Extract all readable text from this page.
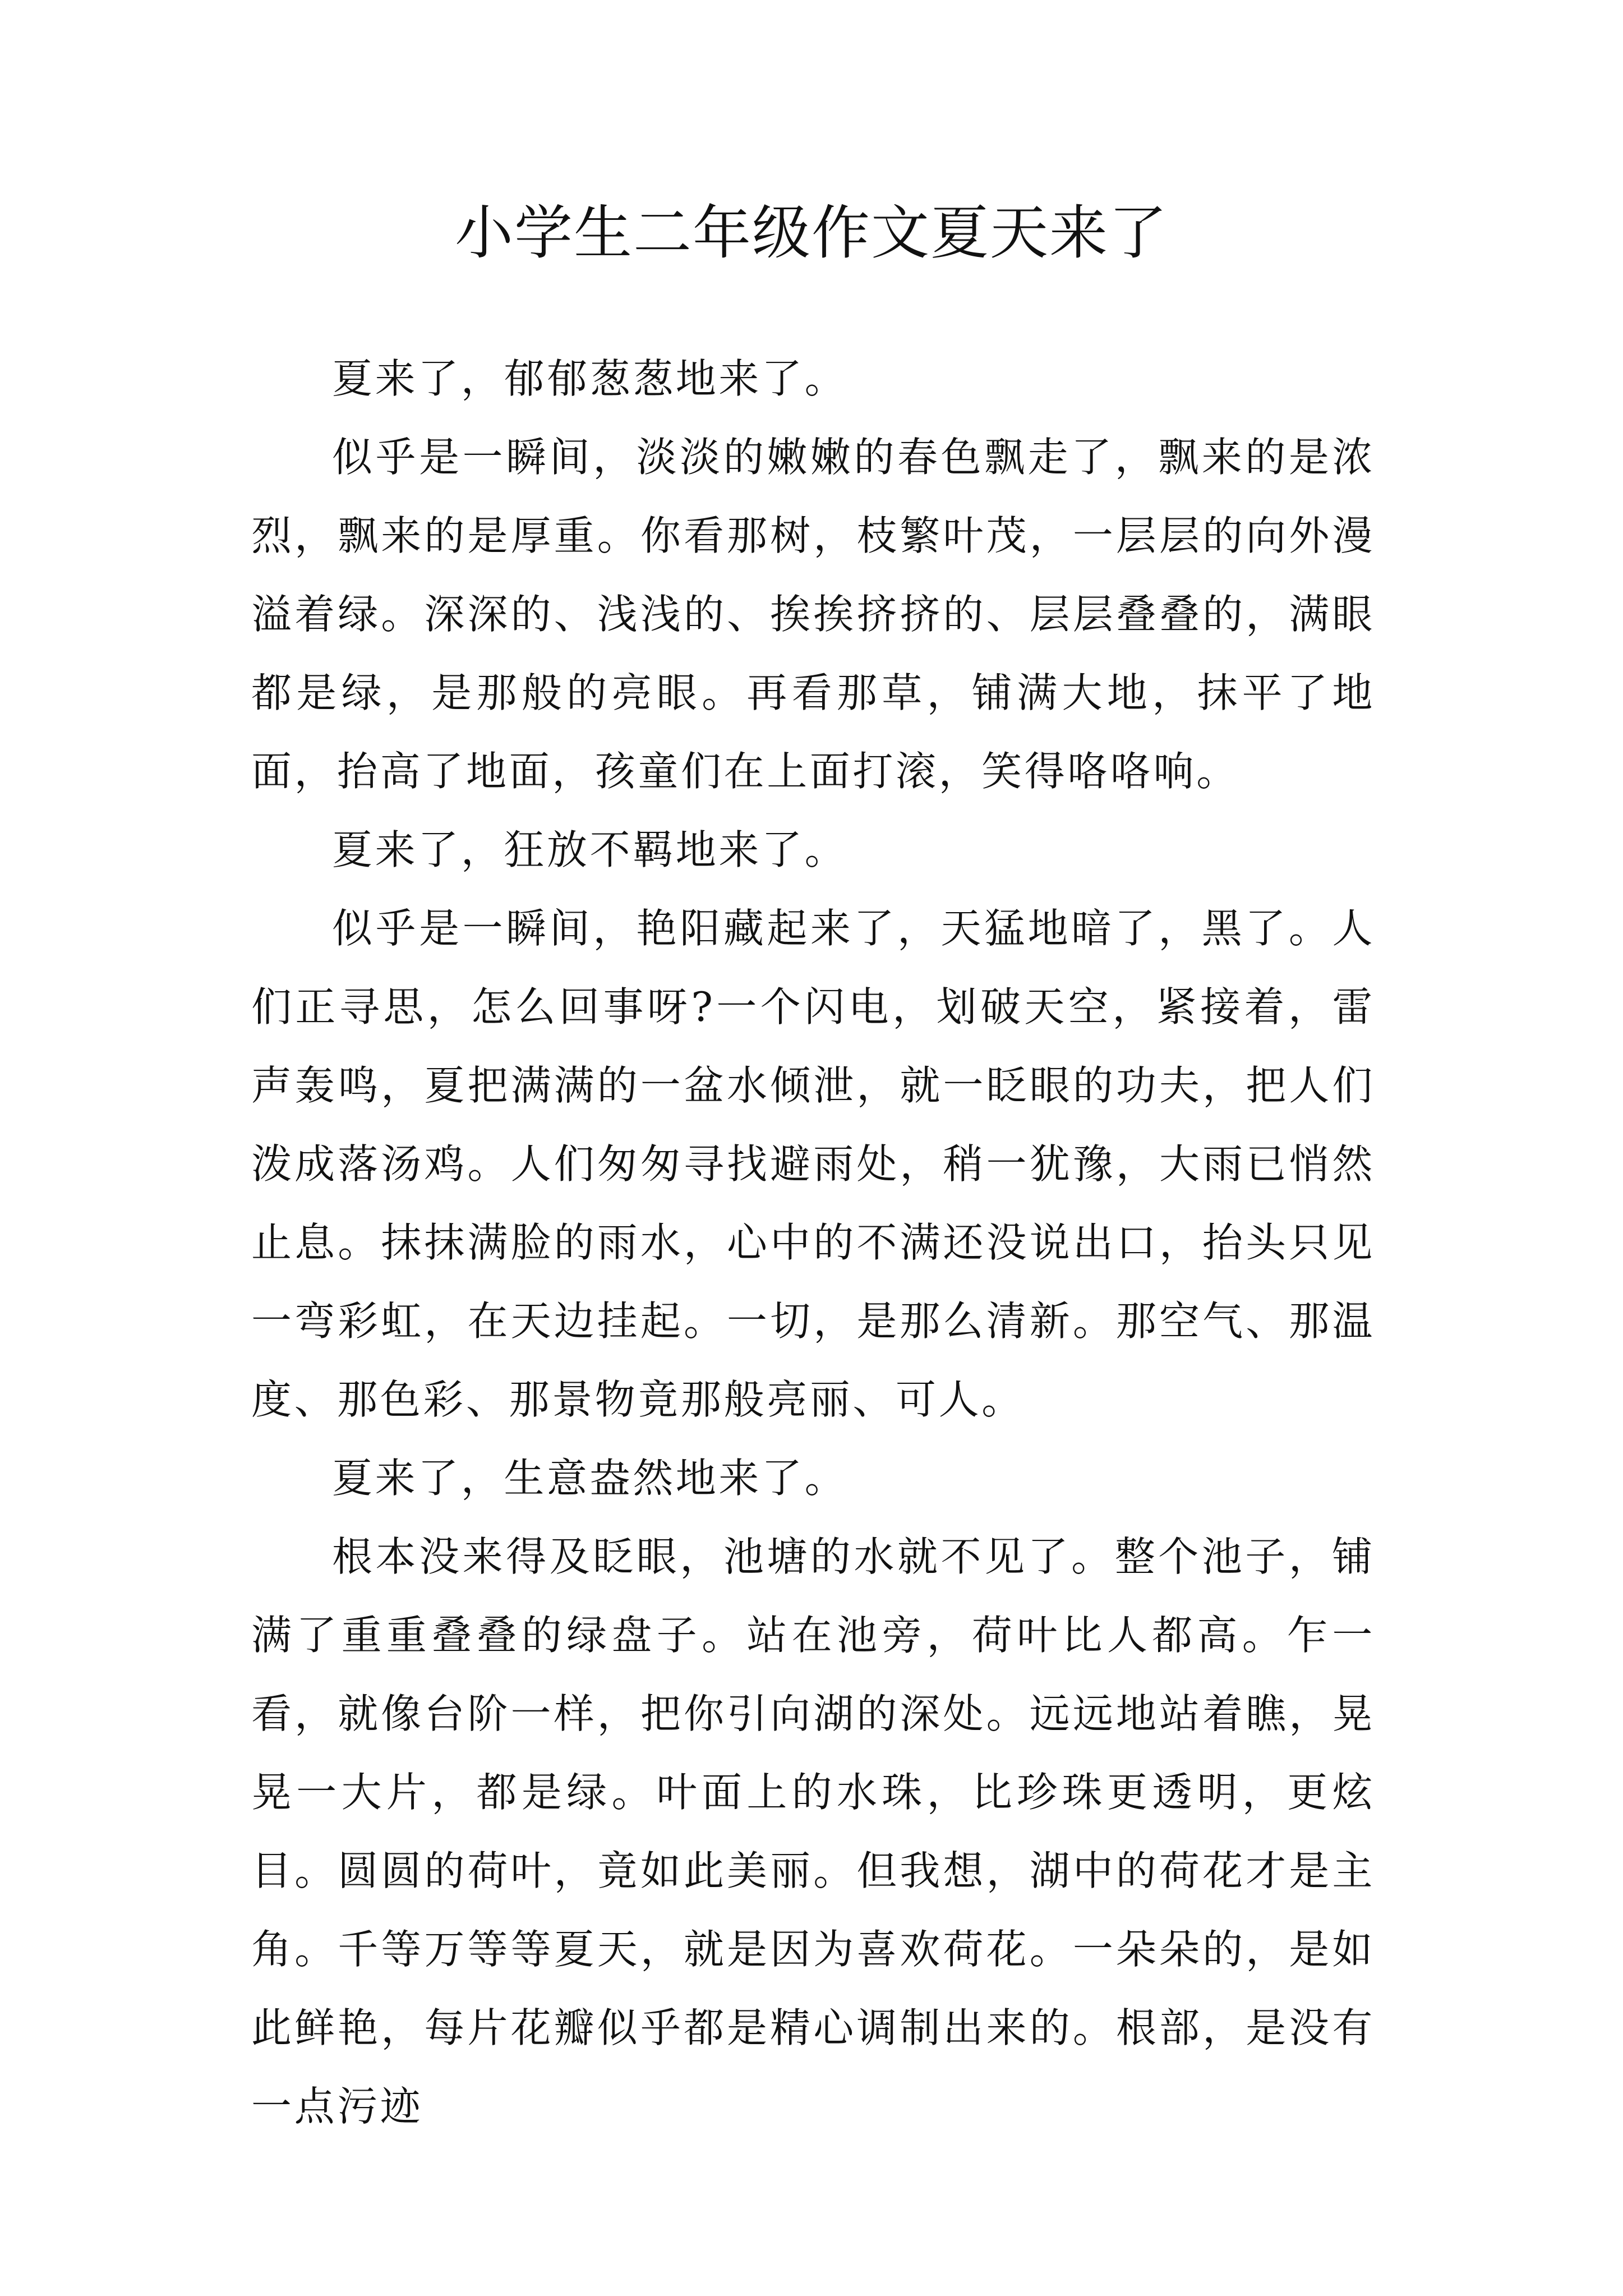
小学生二年级作文夏天来了

夏来了，郁郁葱葱地来了。

似乎是一瞬间，淡淡的嫩嫩的春色飘走了，飘来的是浓烈，飘来的是厚重。你看那树，枝繁叶茂，一层层的向外漫溢着绿。深深的、浅浅的、挨挨挤挤的、层层叠叠的，满眼都是绿，是那般的亮眼。再看那草，铺满大地，抹平了地面，抬高了地面，孩童们在上面打滚，笑得咯咯响。

夏来了，狂放不羁地来了。

似乎是一瞬间，艳阳藏起来了，天猛地暗了，黑了。人们正寻思，怎么回事呀?一个闪电，划破天空，紧接着，雷声轰鸣，夏把满满的一盆水倾泄，就一眨眼的功夫，把人们泼成落汤鸡。人们匆匆寻找避雨处，稍一犹豫，大雨已悄然止息。抹抹满脸的雨水，心中的不满还没说出口，抬头只见一弯彩虹，在天边挂起。一切，是那么清新。那空气、那温度、那色彩、那景物竟那般亮丽、可人。

夏来了，生意盎然地来了。

根本没来得及眨眼，池塘的水就不见了。整个池子，铺满了重重叠叠的绿盘子。站在池旁，荷叶比人都高。乍一看，就像台阶一样，把你引向湖的深处。远远地站着瞧，晃晃一大片，都是绿。叶面上的水珠，比珍珠更透明，更炫目。圆圆的荷叶，竟如此美丽。但我想，湖中的荷花才是主角。千等万等等夏天，就是因为喜欢荷花。一朵朵的，是如此鲜艳，每片花瓣似乎都是精心调制出来的。根部，是没有一点污迹
